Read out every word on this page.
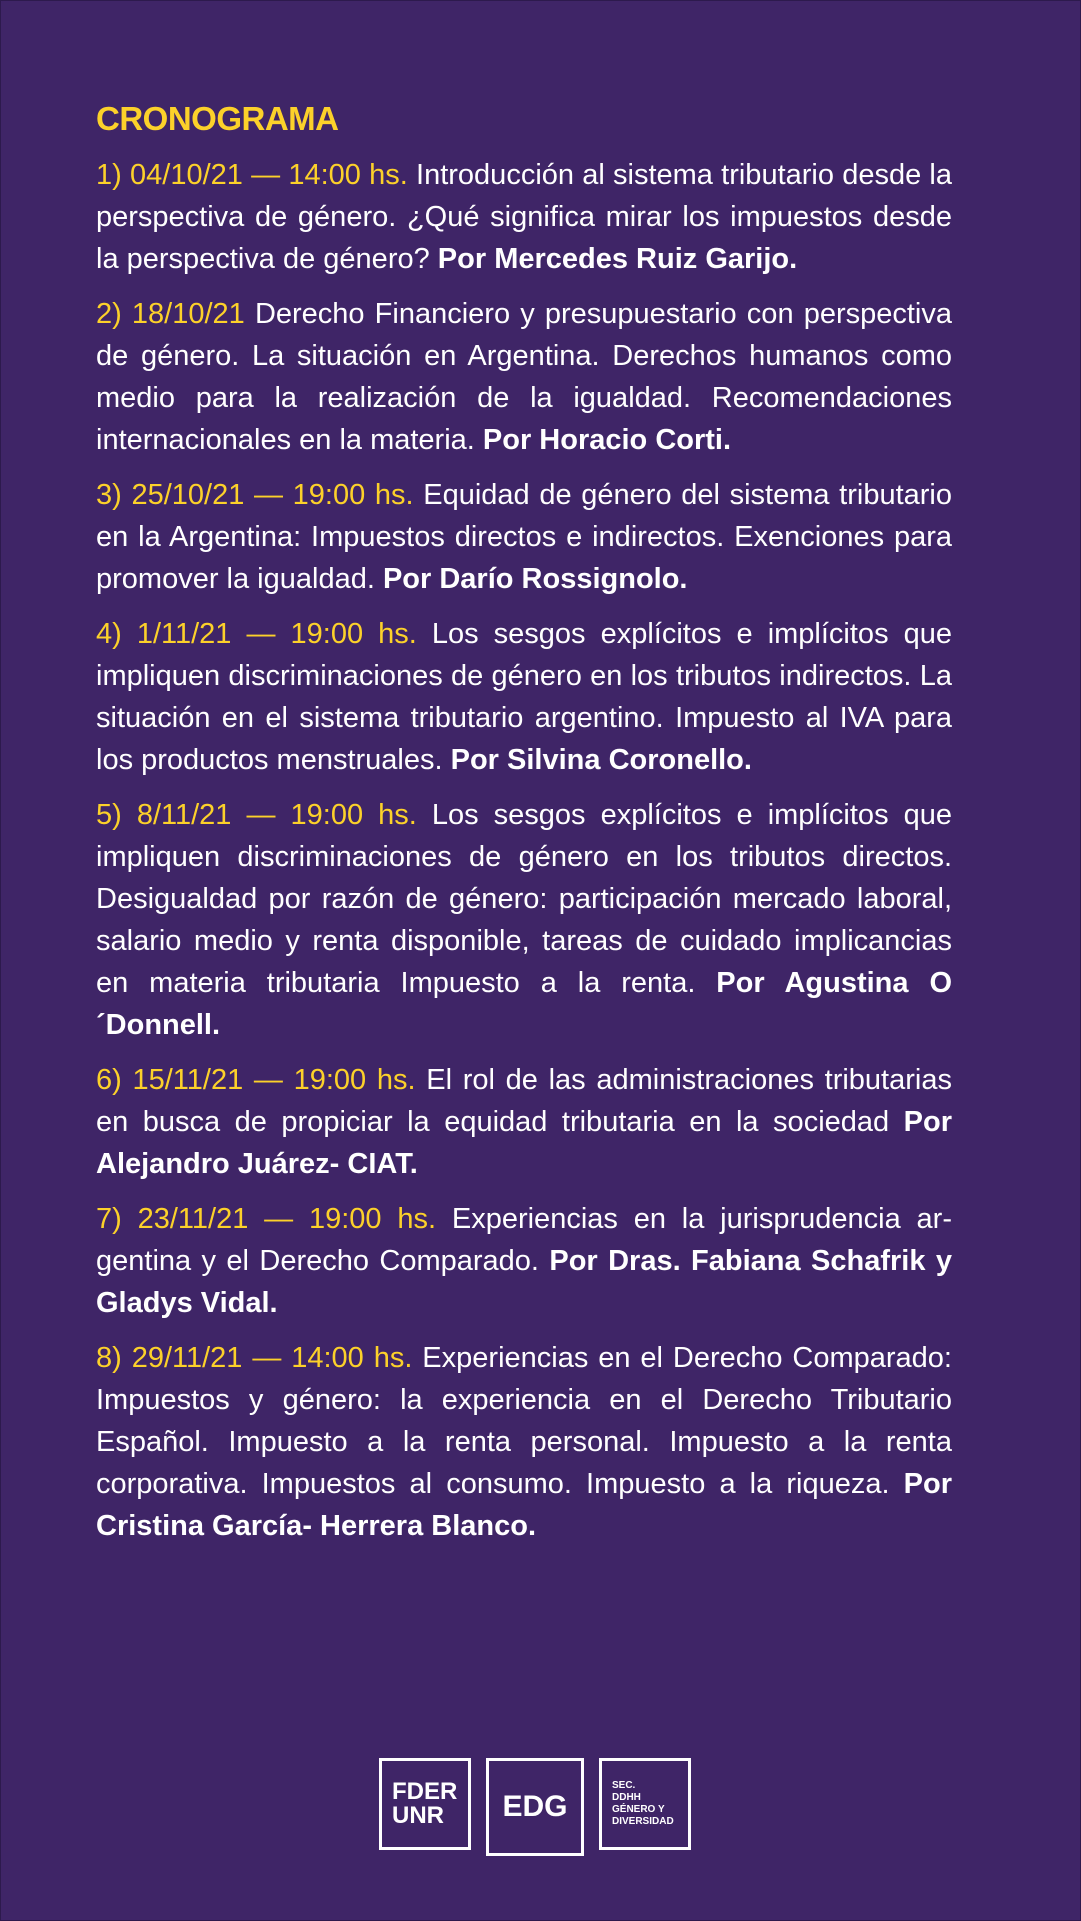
CRONOGRAMA

1) 04/10/21 — 14:00 hs. Introducción al sistema tributario desde la perspectiva de género. ¿Qué significa mirar los impuestos desde la perspectiva de género? Por Mercedes Ruiz Garijo.

2) 18/10/21 Derecho Financiero y presupuestario con perspectiva de género. La situación en Argentina. Derechos humanos como medio para la realización de la igualdad. Recomendaciones internacionales en la materia. Por Horacio Corti.

3) 25/10/21 — 19:00 hs. Equidad de género del sistema tributario en la Argentina: Impuestos directos e indirectos. Exenciones para promover la igualdad. Por Darío Rossignolo.

4) 1/11/21 — 19:00 hs. Los sesgos explícitos e implícitos que impliquen discriminaciones de género en los tributos indirectos. La situación en el sistema tributario argentino. Impuesto al IVA para los productos menstruales. Por Silvina Coronello.

5) 8/11/21 — 19:00 hs. Los sesgos explícitos e implícitos que impliquen discriminaciones de género en los tributos directos. Desigualdad por razón de género: participación mercado laboral, salario medio y renta disponible, tareas de cuidado implicancias en materia tributaria Impuesto a la renta. Por Agustina O ´Donnell.

6) 15/11/21 — 19:00 hs. El rol de las administraciones tributarias en busca de propiciar la equidad tributaria en la sociedad Por Alejandro Juárez- CIAT.

7) 23/11/21 — 19:00 hs. Experiencias en la jurisprudencia argentina y el Derecho Comparado. Por Dras. Fabiana Schafrik y Gladys Vidal.

8) 29/11/21 — 14:00 hs. Experiencias en el Derecho Comparado: Impuestos y género: la experiencia en el Derecho Tributario Español. Impuesto a la renta personal. Impuesto a la renta corporativa. Impuestos al consumo. Impuesto a la riqueza. Por Cristina García- Herrera Blanco.

FDER
UNR EDG
SEC.
DDHH
GÉNERO Y
DIVERSIDAD
